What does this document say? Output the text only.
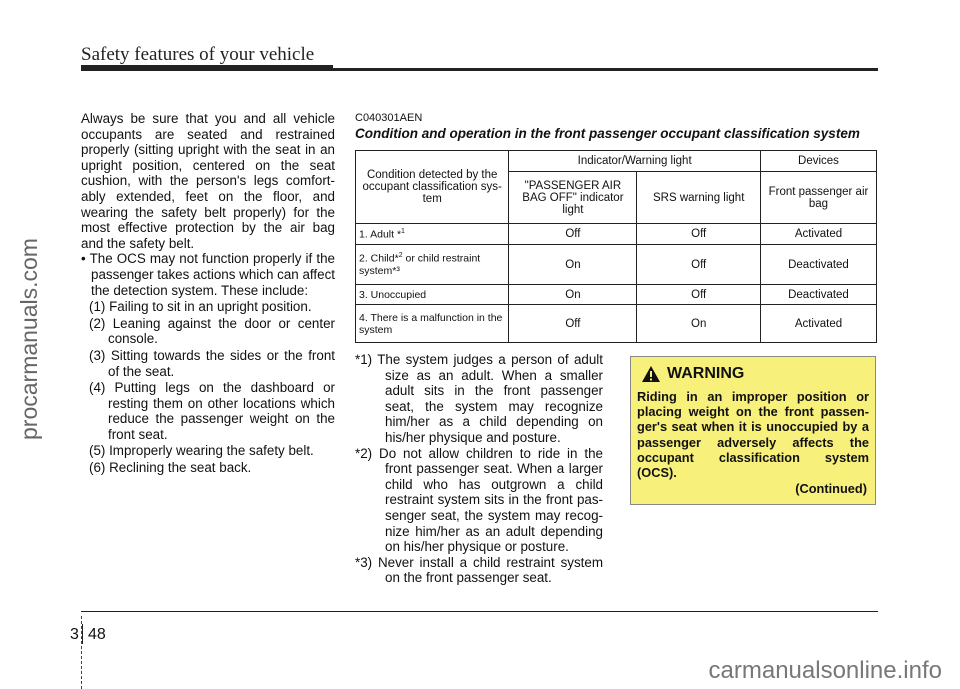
Safety features of your vehicle
procarmanuals.com

Always be sure that you and all vehicle occupants are seated and restrained properly (sitting upright with the seat in an upright position, centered on the seat cushion, with the person's legs comfort-ably extended, feet on the floor, and wearing the safety belt properly) for the most effective protection by the air bag and the safety belt.

• The OCS may not function properly if the passenger takes actions which can affect the detection system. These include:

(1) Failing to sit in an upright position.
(2) Leaning against the door or center console.
(3) Sitting towards the sides or the front of the seat.
(4) Putting legs on the dashboard or resting them on other locations which reduce the passenger weight on the front seat.
(5) Improperly wearing the safety belt.
(6) Reclining the seat back.
C040301AEN
Condition and operation in the front passenger occupant classification system
Condition detected by the occupant classification sys-tem	Indicator/Warning light		Devices
	"PASSENGER AIR BAG OFF" indicator light	SRS warning light	Front passenger air bag
1. Adult *$^1$	Off	Off	Activated
2. Child*$^2$ or child restraint system*³	On	Off	Deactivated
3. Unoccupied	On	Off	Deactivated
4. There is a malfunction in the system	Off	On	Activated

*1) The system judges a person of adult size as an adult. When a smaller adult sits in the front passenger seat, the system may recognize him/her as a child depending on his/her physique and posture.

*2) Do not allow children to ride in the front passenger seat. When a larger child who has outgrown a child restraint system sits in the front pas-senger seat, the system may recog-nize him/her as an adult depending on his/her physique or posture.

*3) Never install a child restraint system on the front passenger seat.

WARNING
Riding in an improper position or placing weight on the front passen-ger's seat when it is unoccupied by a passenger adversely affects the occupant classification system (OCS).
(Continued)
3 48
carmanualsonline.info
